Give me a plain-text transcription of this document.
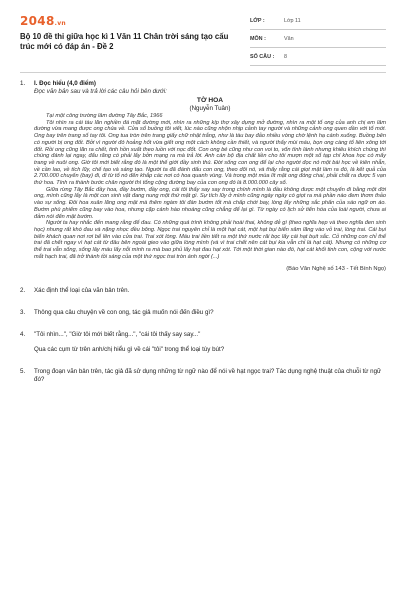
2048.vn
Bộ 10 đề thi giữa học kì 1 Văn 11 Chân trời sáng tạo cấu trúc mới có đáp án - Đề 2
LỚP :	Lớp 11
MÔN :	Văn
SỐ CÂU :	8
1.	I. Đọc hiểu (4,0 điểm)
Đọc văn bản sau và trả lời các câu hỏi bên dưới:
TỜ HOA
(Nguyễn Tuân)
Tại một công trường lâm đường Tây Bắc, 1966
Tôi nhìn ra cái tàu lăn nghiền đá mặt đường mới, nhìn ra những kíp thợ xây dựng mở đường, nhìn ra một tổ ong của anh chị em lâm đường vừa mang được ong chúa về. Cửa sổ buồng tôi viết, lúc nào cũng nhộn nhịp cảnh tay người và những cảnh ong quen dần với tổ mới. Ong bay trên trang sổ tay tôi. Ong tua tròn trên trang giấy chữ nhật trắng, như là tàu bay đảo nhiều vòng chờ lệnh hạ cánh xuống. Buồng bên có người bị ong đốt. Bởi vì người đó hoảng hốt vừa giết ong một cách không cần thiết, và người thấy mùi máu, bọn ong càng tổ liên xông tới đốt. Rồi ong cũng lăn ra chết, tinh hồn xuất theo luồn với nọc đốt. Con ong bé cũng như con voi to, vốn tính lành nhưng khiêu khích chúng thì chúng đánh lại ngay, đấu răng có phải lấy bởn mạng ra mà trả lời. Anh cán bộ địa chất liền cho tôi mượn một sổ tạp chí khoa học có mấy trang về nuôi ong. Giờ tôi mới biết rằng đó là một thế giới đầy sinh thú. Đời sống con ong để lại cho người đọc nó một bài học về kiên nhẫn, về cần lao, về tích lũy, chế tạo và sáng tạo. Người ta đã đánh dấu con ong, theo dõi nó, và thấy rằng cái giọt mật làm ra đó, là kết quả của 2.700.000 chuyến (bay) đi, đi từ tổ nó đến khắp các nơi có hoa quanh vùng. Và trong một mùa lít mật ong đóng chai, phải chất ra được 5 vạn thứ hoa. Tính ra thành bước chân người thì tổng cộng đường bay của con ong đó là 8.000.000 cây số.
Giữa rừng Tây Bắc đầy hoa, đầy bướm, đầy ong, cái tôi thấy say say trong chính mình là đầu không được một chuyến đi bằng một đời ong, mình cũng lấy là một con sinh vật đang nung một thứ mật gì. Sự tích lũy ở mình cũng ngày ngày có giọt ra mà phần nào đem thơm thảo vào sự sống. Đôi hoa xuân lăng ong mật mà thêm ngàm tôi đàn bướm tốt mà chấp chới bay, lòng lấy những sắc phấn của sáo ngữ ơn áo. Bướm phù phiếm cũng bay vào hoa, nhưng cặp cánh hào nhoáng cũng chẳng để lại gì. Từ ngày có lịch sử tiến hóa của loài người, chưa ai đảm nói đến mật bướm.
Người ta hay nhắc đến mang rằng để đau. Có những quá trình không phải hoài thai, không đẻ gì (theo nghĩa hẹp và theo nghĩa đen sinh học) nhưng rất khó đau và nặng nhọc đều bông. Ngọc trai nguyên chỉ là một hạt cát, một hạt bụi biển xâm lăng vào vỏ trai, lòng trai. Cái bụi biển khách quan nơi rơi bể lên vào cửa trai. Trai xót lòng. Máu trai liền tiết ra một thứ nước rãi bọc lấy cái hạt bụit sắc. Cỏ những con chỉ thể trai đã chết ngay vì hạt cát từ đâu bên ngoài gieo vào giữa lòng mình (và vì trai chết nên cát bụi kia vẫn chỉ là hạt cát). Nhưng có những cơ thể trai vẫn sống, sống lây máu lấy nỗi mình ra mà bao phủ lấy hạt đau hạt xót. Tới một thời gian nào đó, hạt cát khối tinh con, cộng với nước mắt hạch trai, đã trở thành tồi sáng của một thứ ngọc trai tròn ánh ngời (...)
(Báo Văn Nghệ số 143 - Tết Bính Ngọ)
2.	Xác định thể loại của văn bản trên.
3.	Thông qua câu chuyện về con ong, tác giả muốn nói đến điều gì?
4.	"Tôi nhìn...", "Giờ tôi mới biết rằng...", "cái tôi thấy say say..."
Qua các cụm từ trên anh/chị hiểu gì về cái "tôi" trong thể loại tùy bút?
5.	Trong đoạn văn bản trên, tác giả đã sử dụng những từ ngữ nào để nói về hạt ngọc trai? Tác dụng nghệ thuật của chuỗi từ ngữ đó?
